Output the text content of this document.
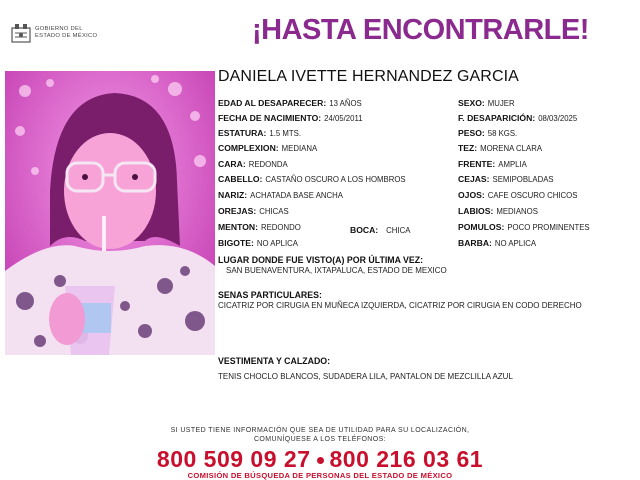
GOBIERNO DEL
ESTADO DE MÉXICO	¡HASTA ENCONTRARLE!
DANIELA IVETTE HERNANDEZ GARCIA
EDAD AL DESAPARECER: 13 AÑOS
FECHA DE NACIMIENTO: 24/05/2011
ESTATURA: 1.5 MTS.
COMPLEXION: MEDIANA
CARA: REDONDA
CABELLO: CASTAÑO OSCURO A LOS HOMBROS
NARIZ: ACHATADA BASE ANCHA
OREJAS: CHICAS
MENTON: REDONDO	BOCA: CHICA
BIGOTE: NO APLICA
SEXO: MUJER
F. DESAPARICIÓN: 08/03/2025
PESO: 58 KGS.
TEZ: MORENA CLARA
FRENTE: AMPLIA
CEJAS: SEMIPOBLADAS
OJOS: CAFE OSCURO CHICOS
LABIOS: MEDIANOS
POMULOS: POCO PROMINENTES
BARBA: NO APLICA
LUGAR DONDE FUE VISTO(A) POR ÚLTIMA VEZ:
SAN BUENAVENTURA, IXTAPALUCA, ESTADO DE MEXICO
SENAS PARTICULARES:
CICATRIZ POR CIRUGIA EN MUÑECA IZQUIERDA, CICATRIZ POR CIRUGIA EN CODO DERECHO
VESTIMENTA Y CALZADO:
TENIS CHOCLO BLANCOS, SUDADERA LILA, PANTALON DE MEZCLILLA AZUL
SI USTED TIENE INFORMACIÓN QUE SEA DE UTILIDAD PARA SU LOCALIZACIÓN,
COMUNÍQUESE A LOS TELÉFONOS:
800 509 09 27 800 216 03 61
COMISIÓN DE BÚSQUEDA DE PERSONAS DEL ESTADO DE MÉXICO
